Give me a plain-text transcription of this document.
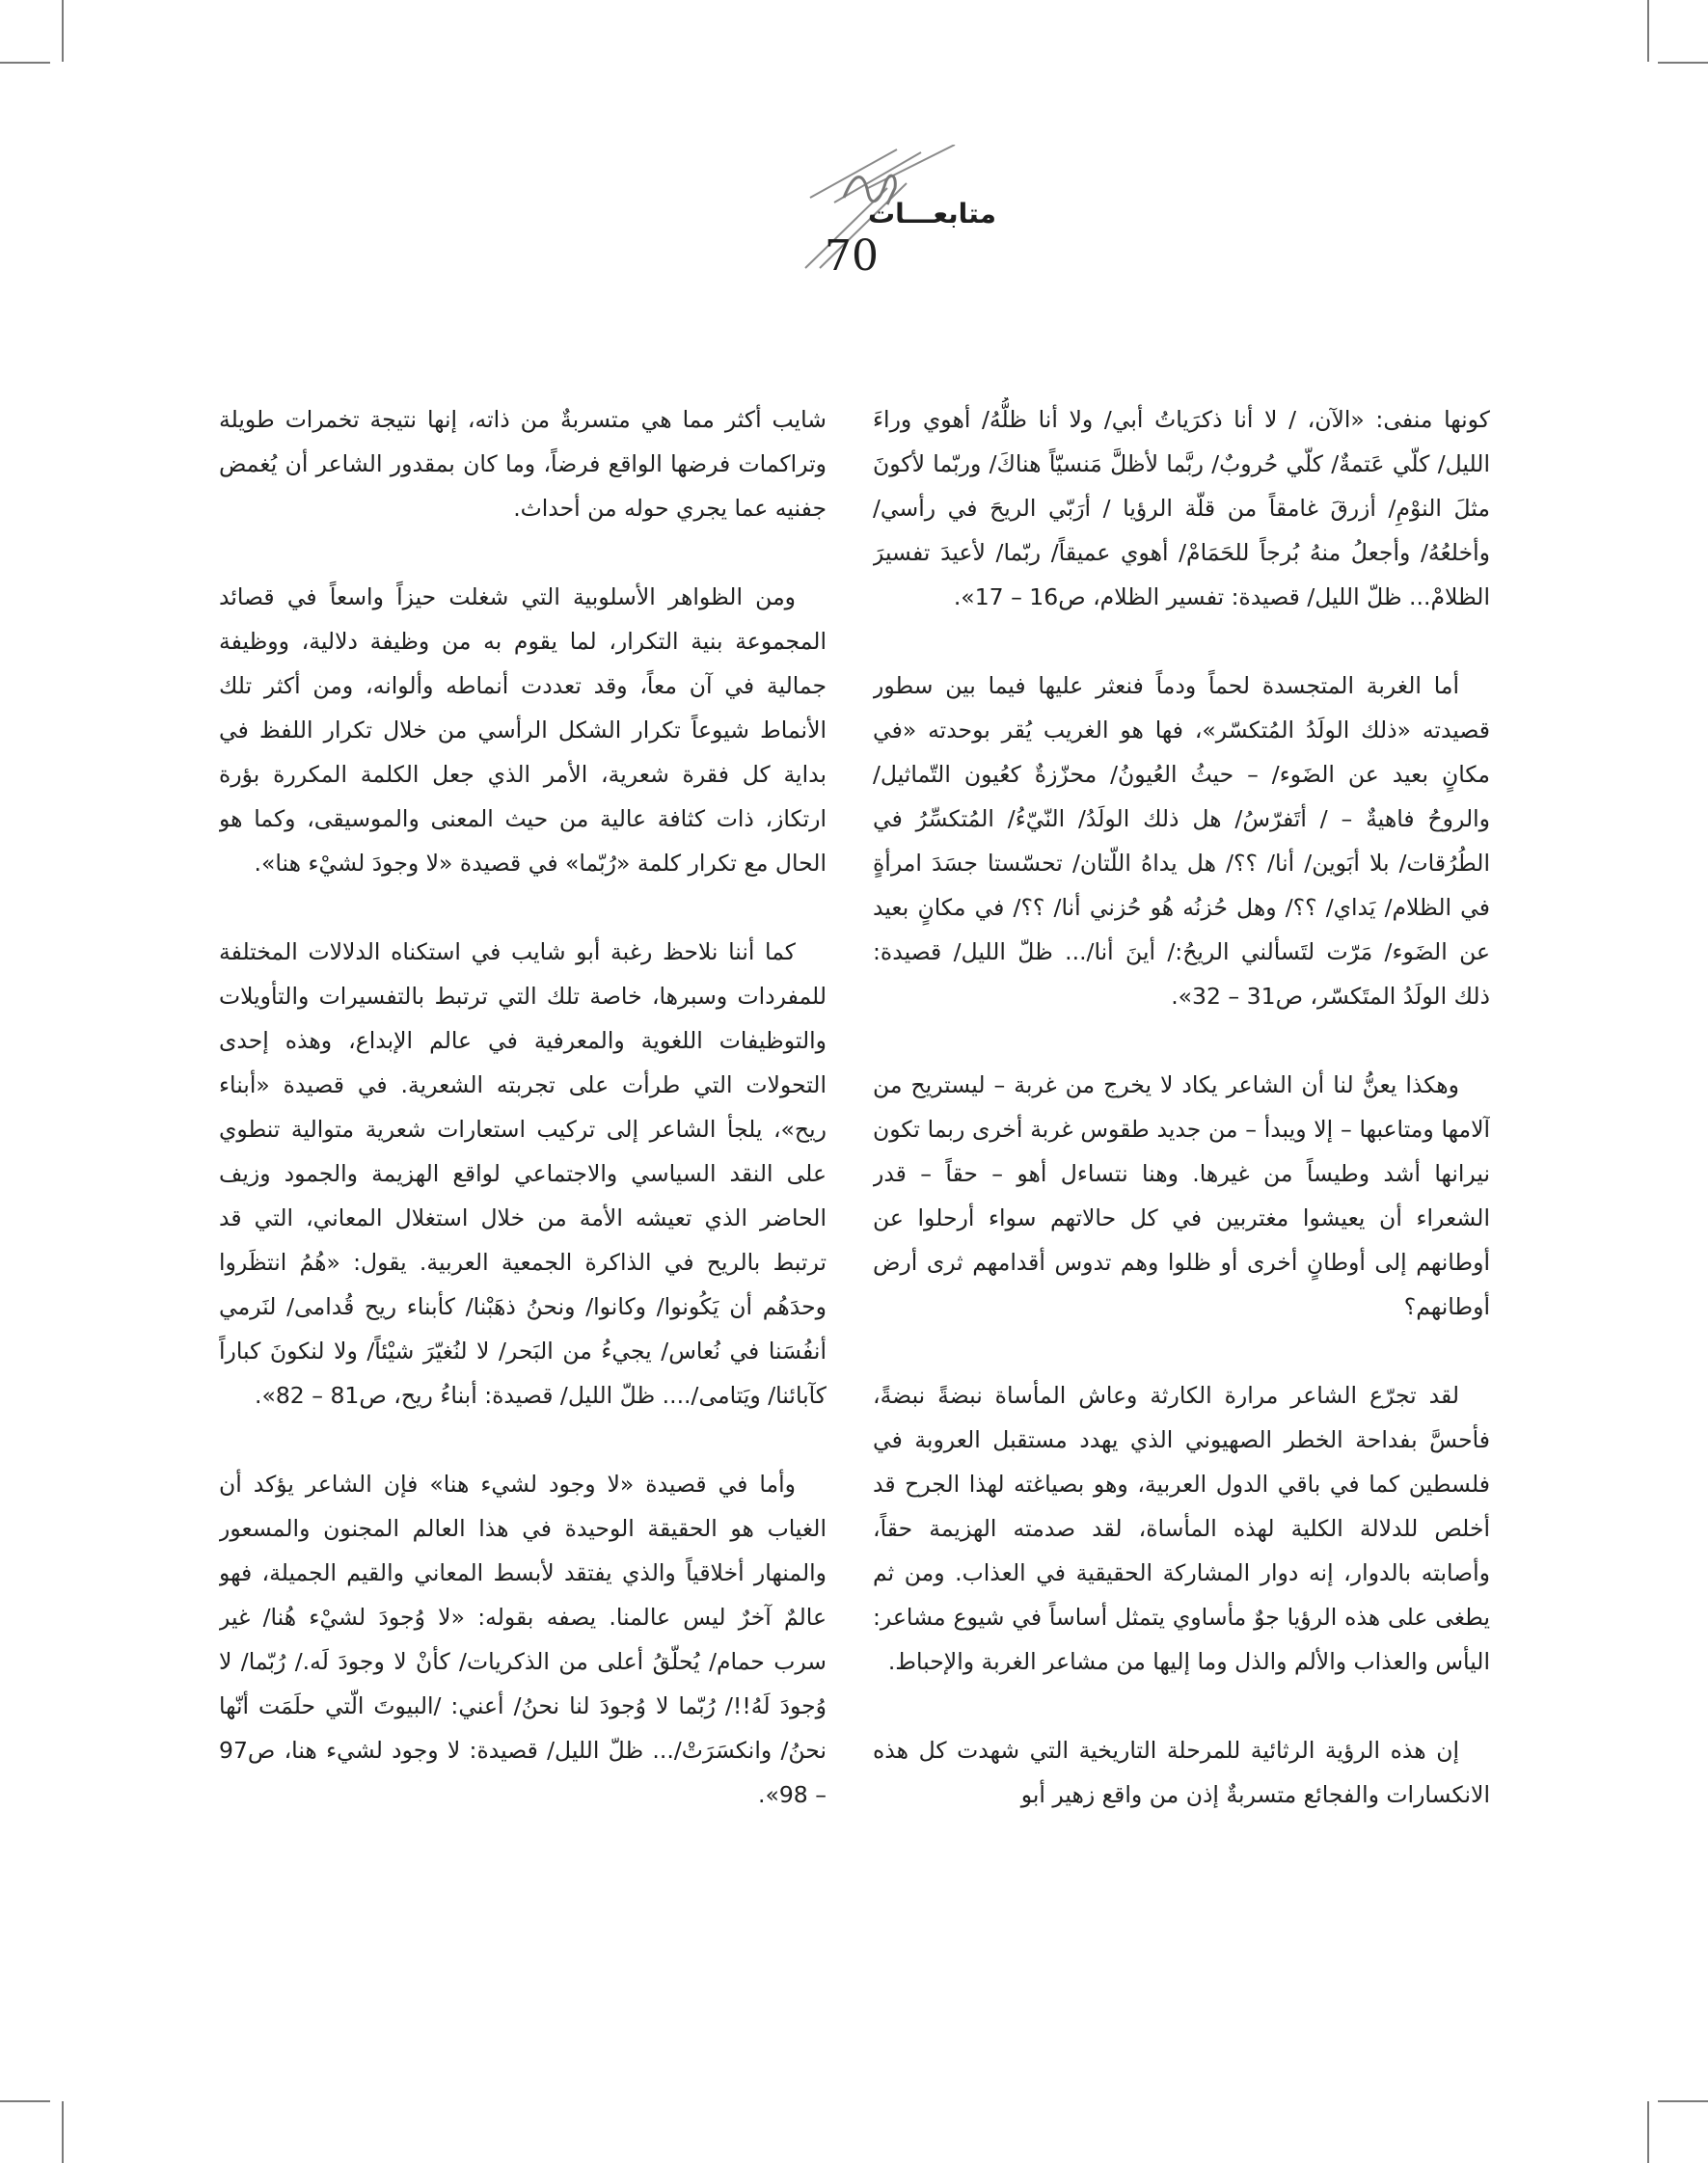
متابعـــات
70

كونها منفى: «الآن، / لا أنا ذكرَياتُ أبي/ ولا أنا ظلُّهُ/ أهوي وراءَ الليل/ كلّي عَتمةٌ/ كلّي حُروبٌ/ ربَّما لأظلَّ مَنسيّاً هناكَ/ وربّما لأكونَ مثلَ النوْمِ/ أزرقَ غامقاً من قلّة الرؤيا / أرَبّي الريحَ في رأسي/ وأخلعُهُ/ وأجعلُ منهُ بُرجاً للحَمَامْ/ أهوي عميقاً/ ربّما/ لأعيدَ تفسيرَ الظلامْ... ظلّ الليل/ قصيدة: تفسير الظلام، ص16 – 17».

أما الغربة المتجسدة لحماً ودماً فنعثر عليها فيما بين سطور قصيدته «ذلك الولَدُ المُتكسّر»، فها هو الغريب يُقر بوحدته «في مكانٍ بعيد عن الضَوء/ – حيثُ العُيونُ/ محزّزةٌ كعُيون التّماثيل/ والروحُ فاهيةٌ – / أتَفرّسُ/ هل ذلك الولَدُ/ النّيّءُ/ المُتكسِّرُ في الطُرُقات/ بلا أبَوين/ أنا/ ؟؟/ هل يداهُ اللّتان/ تحسّستا جسَدَ امرأةٍ في الظلام/ يَداي/ ؟؟/ وهل حُزنُه هُو حُزني أنا/ ؟؟/ في مكانٍ بعيد عن الضَوء/ مَرّت لتَسألني الريحُ:/ أينَ أنا/... ظلّ الليل/ قصيدة: ذلك الولَدُ المتَكسّر، ص31 – 32».

وهكذا يعنُّ لنا أن الشاعر يكاد لا يخرج من غربة – ليستريح من آلامها ومتاعبها – إلا ويبدأ – من جديد طقوس غربة أخرى ربما تكون نيرانها أشد وطيساً من غيرها. وهنا نتساءل أهو – حقاً – قدر الشعراء أن يعيشوا مغتربين في كل حالاتهم سواء أرحلوا عن أوطانهم إلى أوطانٍ أخرى أو ظلوا وهم تدوس أقدامهم ثرى أرض أوطانهم؟

لقد تجرّع الشاعر مرارة الكارثة وعاش المأساة نبضةً نبضةً، فأحسَّ بفداحة الخطر الصهيوني الذي يهدد مستقبل العروبة في فلسطين كما في باقي الدول العربية، وهو بصياغته لهذا الجرح قد أخلص للدلالة الكلية لهذه المأساة، لقد صدمته الهزيمة حقاً، وأصابته بالدوار، إنه دوار المشاركة الحقيقية في العذاب. ومن ثم يطغى على هذه الرؤيا جوٌ مأساوي يتمثل أساساً في شيوع مشاعر: اليأس والعذاب والألم والذل وما إليها من مشاعر الغربة والإحباط.

إن هذه الرؤية الرثائية للمرحلة التاريخية التي شهدت كل هذه الانكسارات والفجائع متسربةٌ إذن من واقع زهير أبو

شايب أكثر مما هي متسربةٌ من ذاته، إنها نتيجة تخمرات طويلة وتراكمات فرضها الواقع فرضاً، وما كان بمقدور الشاعر أن يُغمض جفنيه عما يجري حوله من أحداث.

ومن الظواهر الأسلوبية التي شغلت حيزاً واسعاً في قصائد المجموعة بنية التكرار، لما يقوم به من وظيفة دلالية، ووظيفة جمالية في آن معاً، وقد تعددت أنماطه وألوانه، ومن أكثر تلك الأنماط شيوعاً تكرار الشكل الرأسي من خلال تكرار اللفظ في بداية كل فقرة شعرية، الأمر الذي جعل الكلمة المكررة بؤرة ارتكاز، ذات كثافة عالية من حيث المعنى والموسيقى، وكما هو الحال مع تكرار كلمة «رُبّما» في قصيدة «لا وجودَ لشيْء هنا».

كما أننا نلاحظ رغبة أبو شايب في استكناه الدلالات المختلفة للمفردات وسبرها، خاصة تلك التي ترتبط بالتفسيرات والتأويلات والتوظيفات اللغوية والمعرفية في عالم الإبداع، وهذه إحدى التحولات التي طرأت على تجربته الشعرية. في قصيدة «أبناء ريح»، يلجأ الشاعر إلى تركيب استعارات شعرية متوالية تنطوي على النقد السياسي والاجتماعي لواقع الهزيمة والجمود وزيف الحاضر الذي تعيشه الأمة من خلال استغلال المعاني، التي قد ترتبط بالريح في الذاكرة الجمعية العربية. يقول: «هُمُ انتظَروا وحدَهُم أن يَكُونوا/ وكانوا/ ونحنُ ذهَبْنا/ كأبناء ريح قُدامى/ لنَرمي أنفُسَنا في نُعاس/ يجيءُ من البَحر/ لا لنُغيّرَ شيْئاً/ ولا لنكونَ كباراً كآبائنا/ ويَتامى/.... ظلّ الليل/ قصيدة: أبناءُ ريح، ص81 – 82».

وأما في قصيدة «لا وجود لشيء هنا» فإن الشاعر يؤكد أن الغياب هو الحقيقة الوحيدة في هذا العالم المجنون والمسعور والمنهار أخلاقياً والذي يفتقد لأبسط المعاني والقيم الجميلة، فهو عالمٌ آخرٌ ليس عالمنا. يصفه بقوله: «لا وُجودَ لشيْء هُنا/ غير سرب حمام/ يُحلّقُ أعلى من الذكريات/ كأنْ لا وجودَ لَه./ رُبّما/ لا وُجودَ لَهُ!!/ رُبّما لا وُجودَ لنا نحنُ/ أعني: /البيوتَ الّتي حلَمَت أنّها نحنُ/ وانكسَرَتْ/... ظلّ الليل/ قصيدة: لا وجود لشيء هنا، ص97 – 98».
